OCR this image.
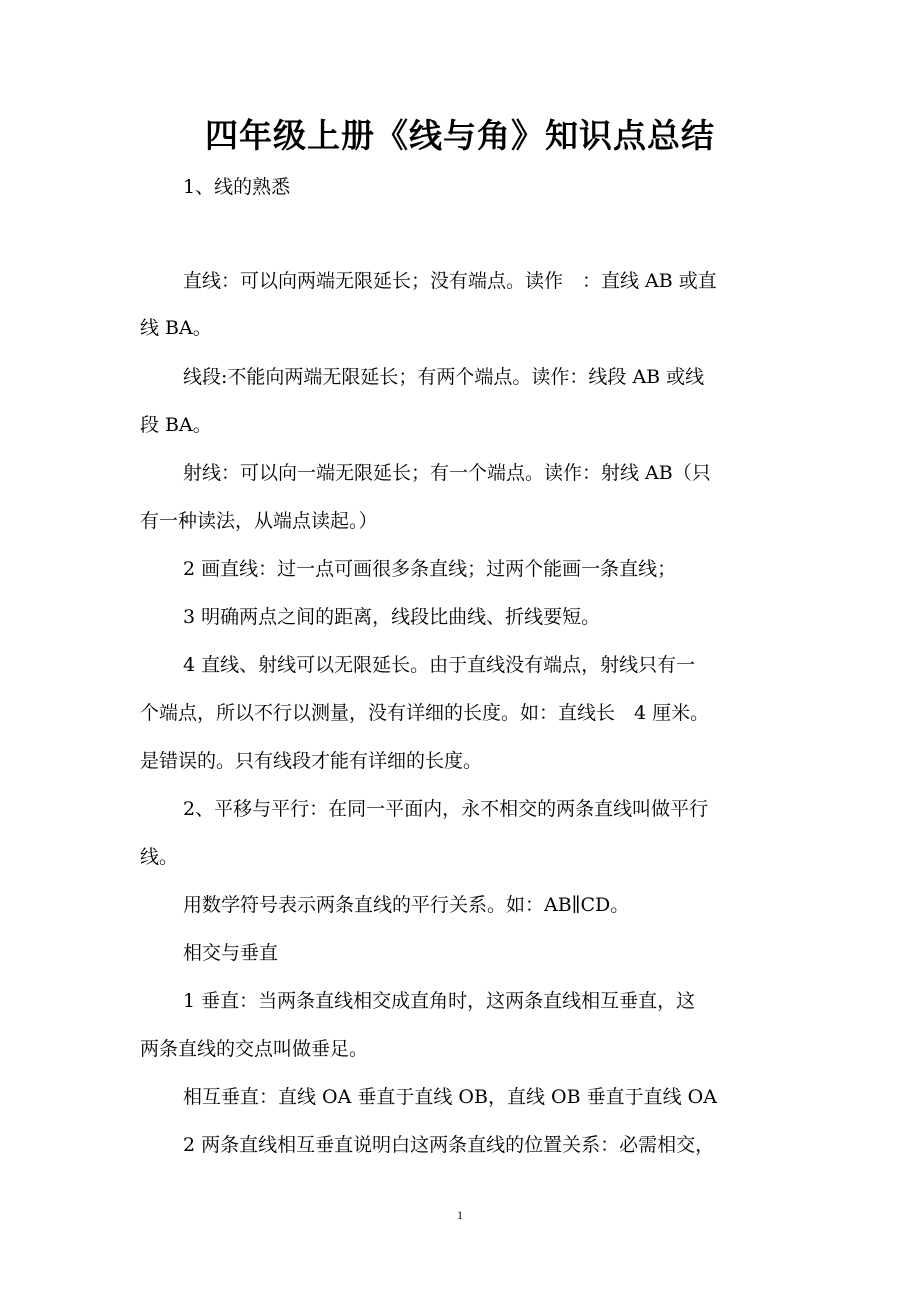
四年级上册《线与角》知识点总结

1、线的熟悉

直线：可以向两端无限延长；没有端点。读作　：直线 AB 或直

线 BA。

线段:不能向两端无限延长；有两个端点。读作：线段 AB 或线

段 BA。

射线：可以向一端无限延长；有一个端点。读作：射线 AB（只

有一种读法，从端点读起。）

2 画直线：过一点可画很多条直线；过两个能画一条直线；

3 明确两点之间的距离，线段比曲线、折线要短。

4 直线、射线可以无限延长。由于直线没有端点，射线只有一

个端点，所以不行以测量，没有详细的长度。如：直线长　4 厘米。

是错误的。只有线段才能有详细的长度。

2、平移与平行：在同一平面内，永不相交的两条直线叫做平行

线。

用数学符号表示两条直线的平行关系。如：AB∥CD。

相交与垂直

1 垂直：当两条直线相交成直角时，这两条直线相互垂直，这

两条直线的交点叫做垂足。

相互垂直：直线 OA 垂直于直线 OB，直线 OB 垂直于直线 OA

2 两条直线相互垂直说明白这两条直线的位置关系：必需相交，

1
